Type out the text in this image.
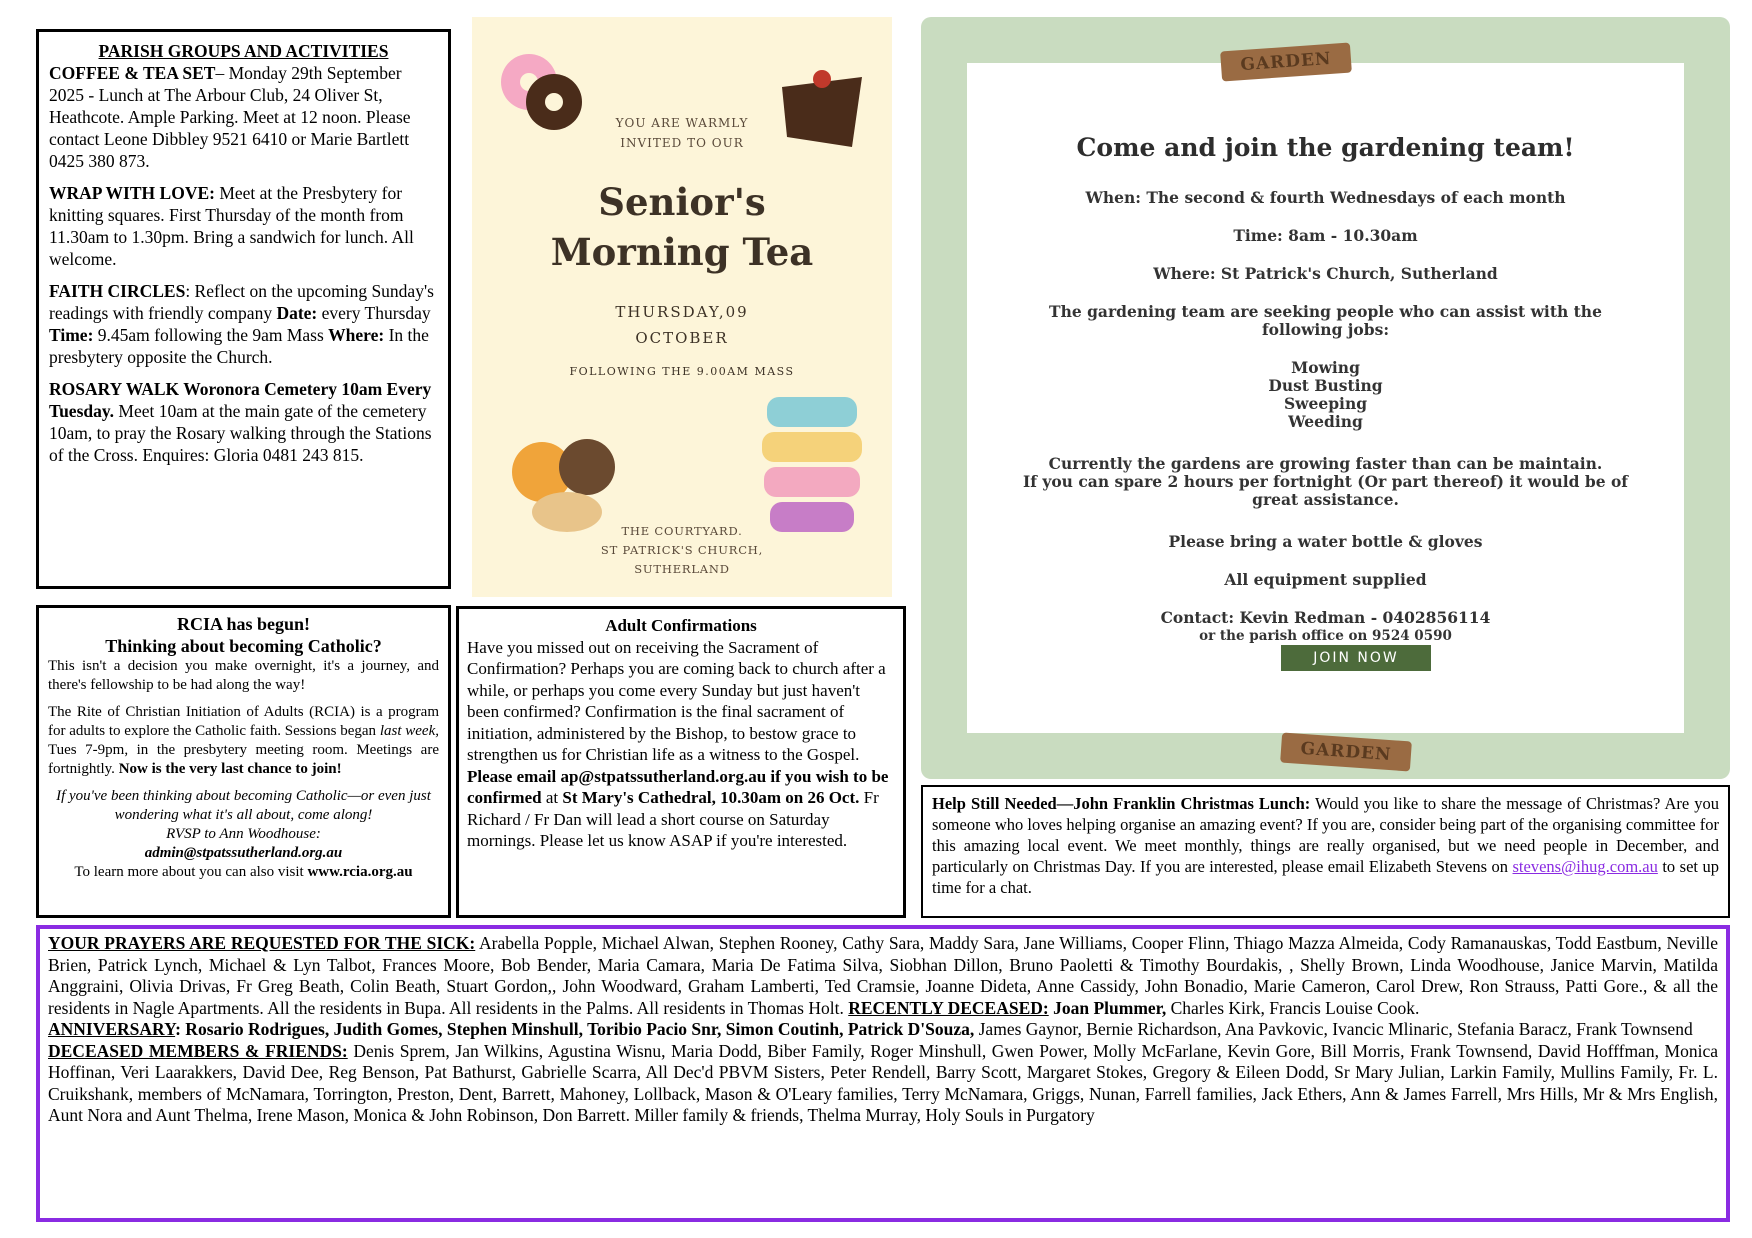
PARISH GROUPS AND ACTIVITIES

COFFEE & TEA SET– Monday 29th September 2025 - Lunch at The Arbour Club, 24 Oliver St, Heathcote. Ample Parking. Meet at 12 noon. Please contact Leone Dibbley 9521 6410 or Marie Bartlett 0425 380 873.

WRAP WITH LOVE: Meet at the Presbytery for knitting squares. First Thursday of the month from 11.30am to 1.30pm. Bring a sandwich for lunch. All welcome.

FAITH CIRCLES: Reflect on the upcoming Sunday's readings with friendly company Date: every Thursday Time: 9.45am following the 9am Mass Where: In the presbytery opposite the Church.

ROSARY WALK Woronora Cemetery 10am Every Tuesday. Meet 10am at the main gate of the cemetery 10am, to pray the Rosary walking through the Stations of the Cross. Enquires: Gloria 0481 243 815.

YOU ARE WARMLY
INVITED TO OUR
Senior's
Morning Tea
THURSDAY,09
OCTOBER
FOLLOWING THE 9.00AM MASS
THE COURTYARD.
ST PATRICK'S CHURCH,
SUTHERLAND
GARDEN
GARDEN
Come and join the gardening team!
When: The second & fourth Wednesdays of each month
Time: 8am - 10.30am
Where: St Patrick's Church, Sutherland
The gardening team are seeking people who can assist with the
following jobs:
Mowing
Dust Busting
Sweeping
Weeding
Currently the gardens are growing faster than can be maintain.
If you can spare 2 hours per fortnight (Or part thereof) it would be of
great assistance.
Please bring a water bottle & gloves
All equipment supplied
Contact: Kevin Redman - 0402856114
or the parish office on 9524 0590
JOIN NOW
RCIA has begun!
Thinking about becoming Catholic?

This isn't a decision you make overnight, it's a journey, and there's fellowship to be had along the way!

The Rite of Christian Initiation of Adults (RCIA) is a program for adults to explore the Catholic faith. Sessions began last week, Tues 7-9pm, in the presbytery meeting room. Meetings are fortnightly. Now is the very last chance to join!

If you've been thinking about becoming Catholic—or even just wondering what it's all about, come along!
RVSP to Ann Woodhouse:
admin@stpatssutherland.org.au
To learn more about you can also visit www.rcia.org.au
Adult Confirmations
Have you missed out on receiving the Sacrament of Confirmation? Perhaps you are coming back to church after a while, or perhaps you come every Sunday but just haven't been confirmed? Confirmation is the final sacrament of initiation, administered by the Bishop, to bestow grace to strengthen us for Christian life as a witness to the Gospel. Please email ap@stpatssutherland.org.au if you wish to be confirmed at St Mary's Cathedral, 10.30am on 26 Oct. Fr Richard / Fr Dan will lead a short course on Saturday mornings. Please let us know ASAP if you're interested.
Help Still Needed—John Franklin Christmas Lunch: Would you like to share the message of Christmas? Are you someone who loves helping organise an amazing event? If you are, consider being part of the organising committee for this amazing local event. We meet monthly, things are really organised, but we need people in December, and particularly on Christmas Day. If you are interested, please email Elizabeth Stevens on stevens@ihug.com.au to set up time for a chat.
YOUR PRAYERS ARE REQUESTED FOR THE SICK: Arabella Popple, Michael Alwan, Stephen Rooney, Cathy Sara, Maddy Sara, Jane Williams, Cooper Flinn, Thiago Mazza Almeida, Cody Ramanauskas, Todd Eastbum, Neville Brien, Patrick Lynch, Michael & Lyn Talbot, Frances Moore, Bob Bender, Maria Camara, Maria De Fatima Silva, Siobhan Dillon, Bruno Paoletti & Timothy Bourdakis, , Shelly Brown, Linda Woodhouse, Janice Marvin, Matilda Anggraini, Olivia Drivas, Fr Greg Beath, Colin Beath, Stuart Gordon,, John Woodward, Graham Lamberti, Ted Cramsie, Joanne Dideta, Anne Cassidy, John Bonadio, Marie Cameron, Carol Drew, Ron Strauss, Patti Gore., & all the residents in Nagle Apartments. All the residents in Bupa. All residents in the Palms. All residents in Thomas Holt. RECENTLY DECEASED: Joan Plummer, Charles Kirk, Francis Louise Cook.
ANNIVERSARY: Rosario Rodrigues, Judith Gomes, Stephen Minshull, Toribio Pacio Snr, Simon Coutinh, Patrick D'Souza, James Gaynor, Bernie Richardson, Ana Pavkovic, Ivancic Mlinaric, Stefania Baracz, Frank Townsend
DECEASED MEMBERS & FRIENDS: Denis Sprem, Jan Wilkins, Agustina Wisnu, Maria Dodd, Biber Family, Roger Minshull, Gwen Power, Molly McFarlane, Kevin Gore, Bill Morris, Frank Townsend, David Hofffman, Monica Hoffinan, Veri Laarakkers, David Dee, Reg Benson, Pat Bathurst, Gabrielle Scarra, All Dec'd PBVM Sisters, Peter Rendell, Barry Scott, Margaret Stokes, Gregory & Eileen Dodd, Sr Mary Julian, Larkin Family, Mullins Family, Fr. L. Cruikshank, members of McNamara, Torrington, Preston, Dent, Barrett, Mahoney, Lollback, Mason & O'Leary families, Terry McNamara, Griggs, Nunan, Farrell families, Jack Ethers, Ann & James Farrell, Mrs Hills, Mr & Mrs English, Aunt Nora and Aunt Thelma, Irene Mason, Monica & John Robinson, Don Barrett. Miller family & friends, Thelma Murray, Holy Souls in Purgatory
